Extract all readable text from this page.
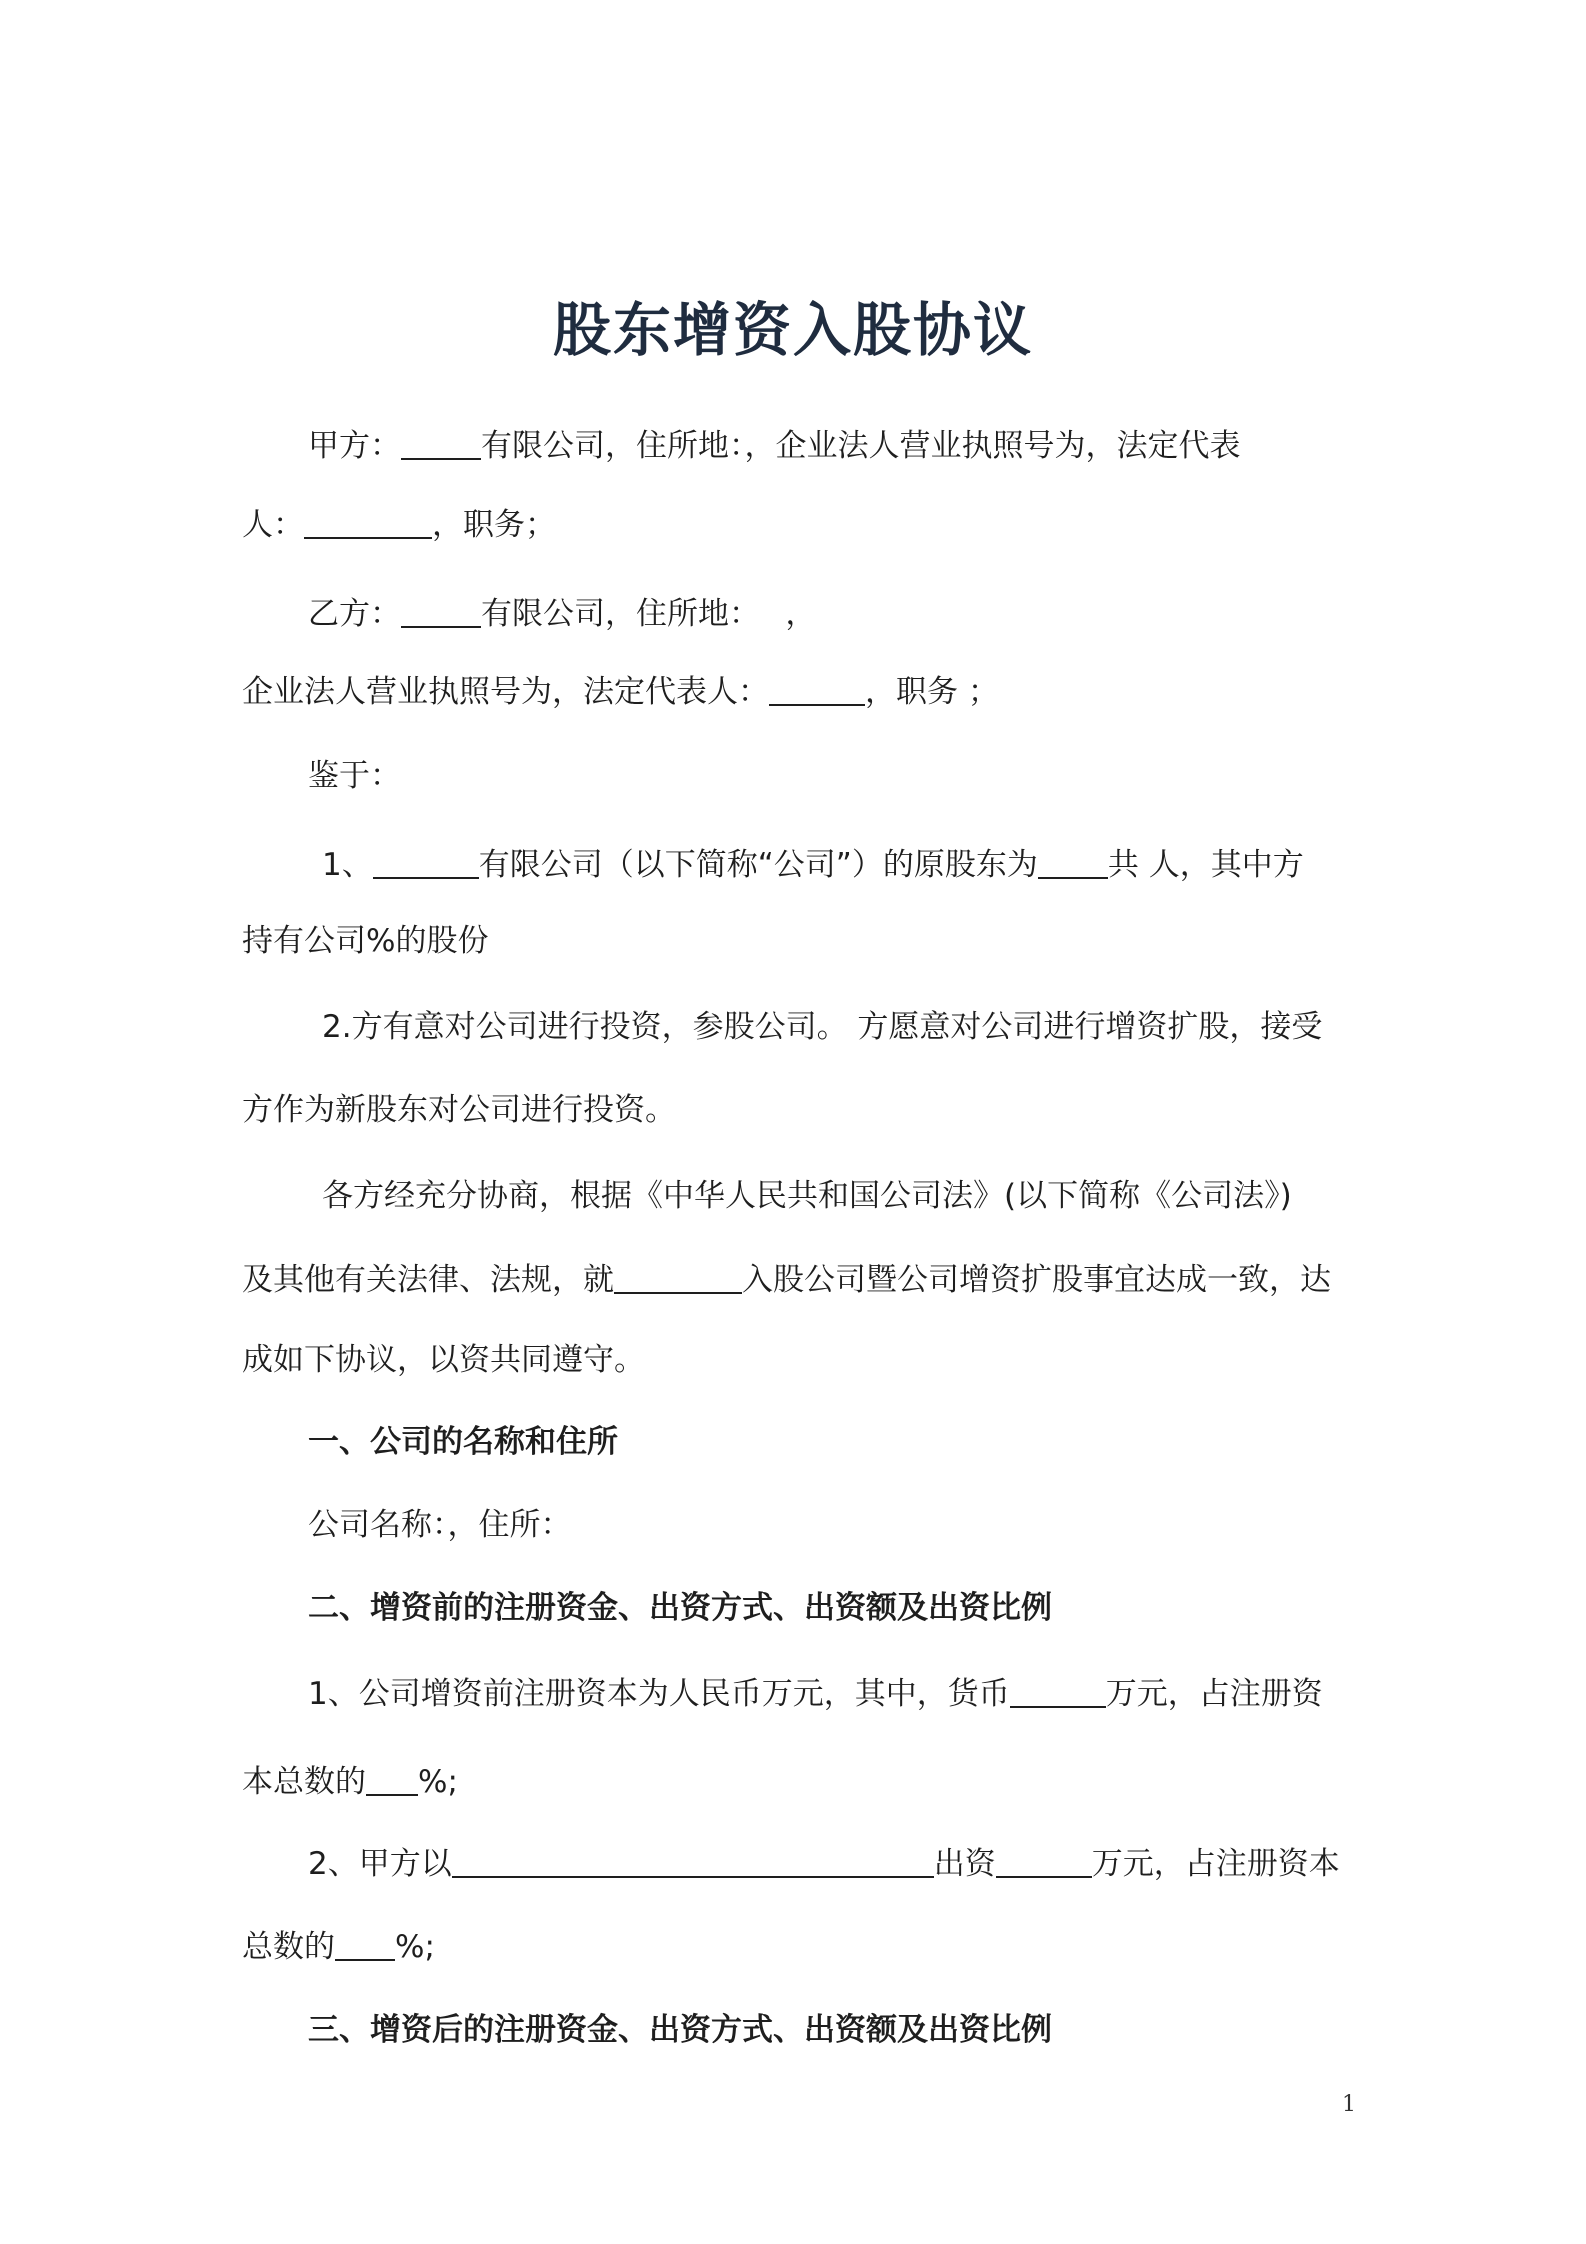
股东增资入股协议
甲方：	有限公司，住所地：，企业法人营业执照号为，法定代表
人：	，职务；
乙方：	有限公司，住所地：　 ，
企业法人营业执照号为，法定代表人：	，职务 ；
鉴于：
1、	有限公司（以下简称“公司”）的原股东为 共 人，其中方
持有公司%的股份
2.方有意对公司进行投资，参股公司。 方愿意对公司进行增资扩股，接受
方作为新股东对公司进行投资。
各方经充分协商，根据《中华人民共和国公司法》(以下简称《公司法》)
及其他有关法律、法规，就	入股公司暨公司增资扩股事宜达成一致，达
成如下协议，以资共同遵守。
一、公司的名称和住所
公司名称：，住所：
二、增资前的注册资金、出资方式、出资额及出资比例
1、公司增资前注册资本为人民币万元，其中，货币	万元，占注册资
本总数的 %;
2、甲方以	出资	万元，占注册资本
总数的 %;
三、增资后的注册资金、出资方式、出资额及出资比例
1
